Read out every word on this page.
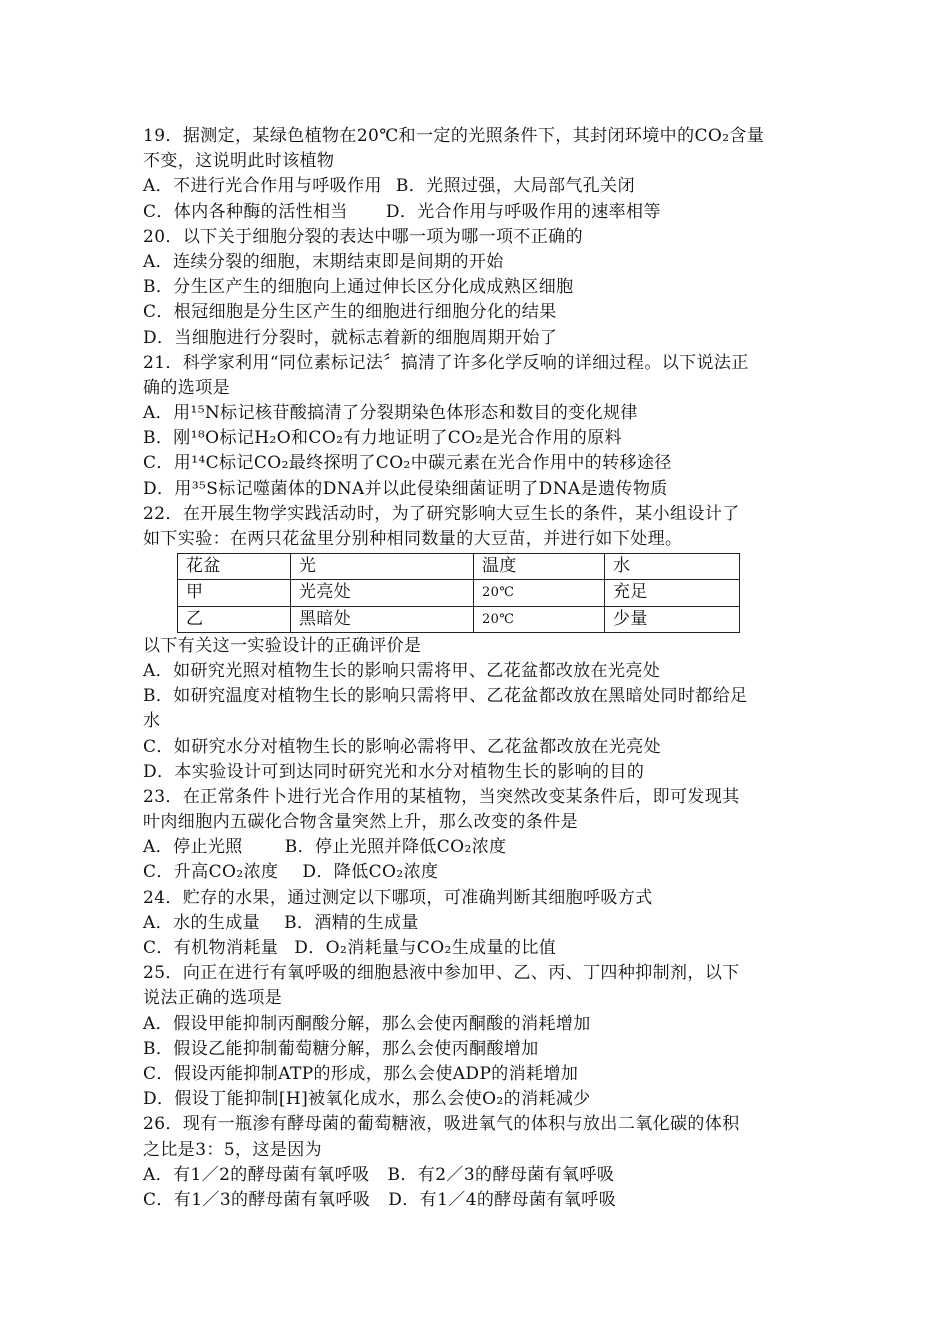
19．据测定，某绿色植物在20℃和一定的光照条件下，其封闭环境中的CO₂含量
不变，这说明此时该植物
A．不进行光合作用与呼吸作用 B．光照过强，大局部气孔关闭
C．体内各种酶的活性相当 D．光合作用与呼吸作用的速率相等
20．以下关于细胞分裂的表达中哪一项为哪一项不正确的
A．连续分裂的细胞，末期结束即是间期的开始
B．分生区产生的细胞向上通过伸长区分化成成熟区细胞
C．根冠细胞是分生区产生的细胞进行细胞分化的结果
D．当细胞进行分裂时，就标志着新的细胞周期开始了
21．科学家利用“同位素标记法〞搞清了许多化学反响的详细过程。以下说法正
确的选项是
A．用¹⁵N标记核苷酸搞清了分裂期染色体形态和数目的变化规律
B．刚¹⁸O标记H₂O和CO₂有力地证明了CO₂是光合作用的原料
C．用¹⁴C标记CO₂最终探明了CO₂中碳元素在光合作用中的转移途径
D．用³⁵S标记噬菌体的DNA并以此侵染细菌证明了DNA是遗传物质
22．在开展生物学实践活动时，为了研究影响大豆生长的条件，某小组设计了
如下实验：在两只花盆里分别种相同数量的大豆苗，并进行如下处理。
花盆	光	温度	水
甲	光亮处	20℃	充足
乙	黑暗处	20℃	少量
以下有关这一实验设计的正确评价是
A．如研究光照对植物生长的影响只需将甲、乙花盆都改放在光亮处
B．如研究温度对植物生长的影响只需将甲、乙花盆都改放在黑暗处同时都给足
水
C．如研究水分对植物生长的影响必需将甲、乙花盆都改放在光亮处
D．本实验设计可到达同时研究光和水分对植物生长的影响的目的
23．在正常条件卜进行光合作用的某植物，当突然改变某条件后，即可发现其
叶肉细胞内五碳化合物含量突然上升，那么改变的条件是
A．停止光照 B．停止光照并降低CO₂浓度
C．升高CO₂浓度 D．降低CO₂浓度
24．贮存的水果，通过测定以下哪项，可准确判断其细胞呼吸方式
A．水的生成量 B．酒精的生成量
C．有机物消耗量 D．O₂消耗量与CO₂生成量的比值
25．向正在进行有氧呼吸的细胞悬液中参加甲、乙、丙、丁四种抑制剂，以下
说法正确的选项是
A．假设甲能抑制丙酮酸分解，那么会使丙酮酸的消耗增加
B．假设乙能抑制葡萄糖分解，那么会使丙酮酸增加
C．假设丙能抑制ATP的形成，那么会使ADP的消耗增加
D．假设丁能抑制[H]被氧化成水，那么会使O₂的消耗减少
26．现有一瓶渗有酵母菌的葡萄糖液，吸进氧气的体积与放出二氧化碳的体积
之比是3：5，这是因为
A．有1／2的酵母菌有氧呼吸 B．有2／3的酵母菌有氧呼吸
C．有1／3的酵母菌有氧呼吸 D．有1／4的酵母菌有氧呼吸
